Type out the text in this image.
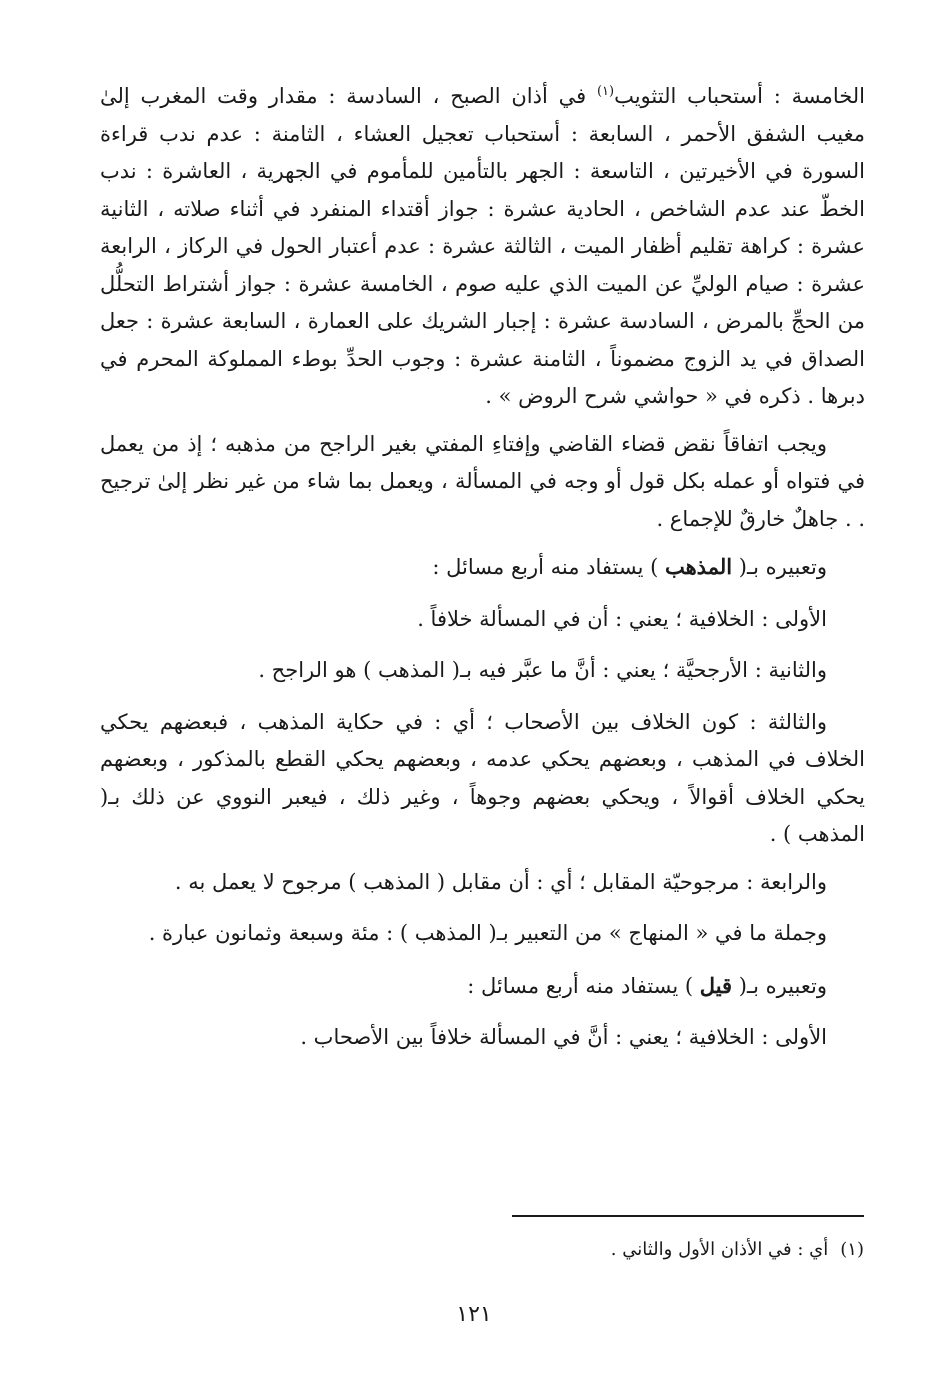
الخامسة : أستحباب التثويب$^{(١)}$ في أذان الصبح ، السادسة : مقدار وقت المغرب إلىٰ مغيب الشفق الأحمر ، السابعة : أستحباب تعجيل العشاء ، الثامنة : عدم ندب قراءة السورة في الأخيرتين ، التاسعة : الجهر بالتأمين للمأموم في الجهرية ، العاشرة : ندب الخطّ عند عدم الشاخص ، الحادية عشرة : جواز أقتداء المنفرد في أثناء صلاته ، الثانية عشرة : كراهة تقليم أظفار الميت ، الثالثة عشرة : عدم أعتبار الحول في الركاز ، الرابعة عشرة : صيام الوليِّ عن الميت الذي عليه صوم ، الخامسة عشرة : جواز أشتراط التحلُّل من الحجِّ بالمرض ، السادسة عشرة : إجبار الشريك على العمارة ، السابعة عشرة : جعل الصداق في يد الزوج مضموناً ، الثامنة عشرة : وجوب الحدِّ بوطء المملوكة المحرم في دبرها . ذكره في « حواشي شرح الروض » .

ويجب اتفاقاً نقض قضاء القاضي وإفتاءِ المفتي بغير الراجح من مذهبه ؛ إذ من يعمل في فتواه أو عمله بكل قول أو وجه في المسألة ، ويعمل بما شاء من غير نظر إلىٰ ترجيح . . جاهلٌ خارقٌ للإجماع .

وتعبيره بـ( المذهب ) يستفاد منه أربع مسائل :

الأولى : الخلافية ؛ يعني : أن في المسألة خلافاً .

والثانية : الأرجحيَّة ؛ يعني : أنَّ ما عبَّر فيه بـ( المذهب ) هو الراجح .

والثالثة : كون الخلاف بين الأصحاب ؛ أي : في حكاية المذهب ، فبعضهم يحكي الخلاف في المذهب ، وبعضهم يحكي عدمه ، وبعضهم يحكي القطع بالمذكور ، وبعضهم يحكي الخلاف أقوالاً ، ويحكي بعضهم وجوهاً ، وغير ذلك ، فيعبر النووي عن ذلك بـ( المذهب ) .

والرابعة : مرجوحيّة المقابل ؛ أي : أن مقابل ( المذهب ) مرجوح لا يعمل به .

وجملة ما في « المنهاج » من التعبير بـ( المذهب ) : مئة وسبعة وثمانون عبارة .

وتعبيره بـ( قيل ) يستفاد منه أربع مسائل :

الأولى : الخلافية ؛ يعني : أنَّ في المسألة خلافاً بين الأصحاب .

(١)أي : في الأذان الأول والثاني .
١٢١
